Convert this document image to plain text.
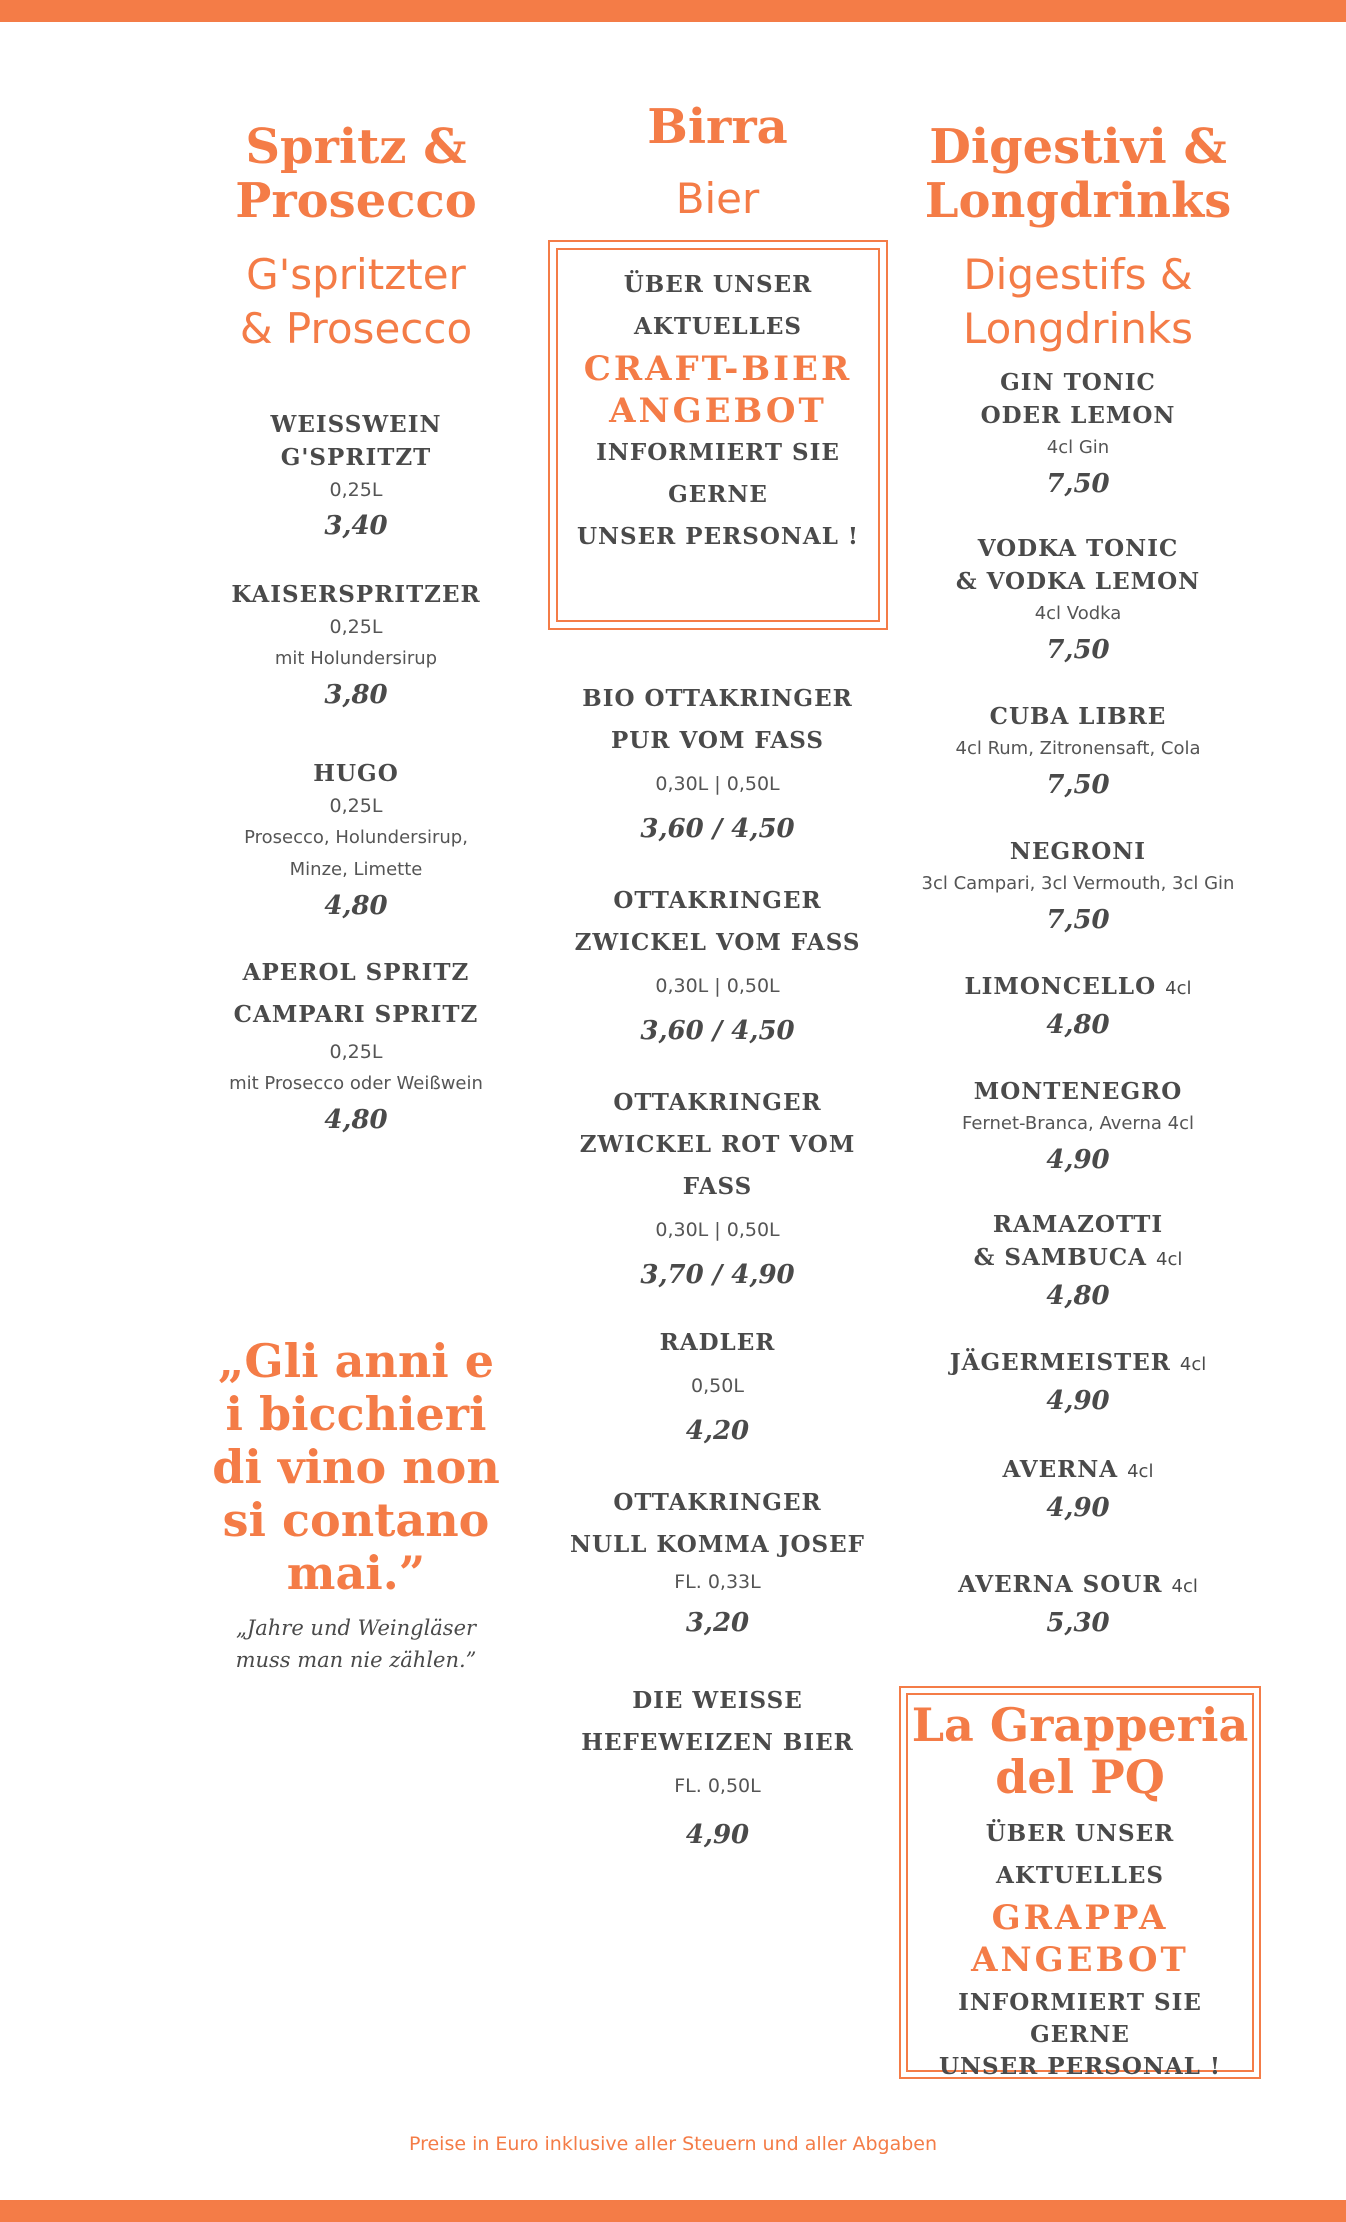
Spritz &
Prosecco
G'spritzter
& Prosecco
WEISSWEIN G'SPRITZT
0,25L
3,40
KAISERSPRITZER
0,25L
mit Holundersirup
3,80
HUGO
0,25L
Prosecco, Holundersirup,
Minze, Limette
4,80
APEROL SPRITZ
CAMPARI SPRITZ
0,25L
mit Prosecco oder Weißwein
4,80
„Gli anni e
i bicchieri
di vino non
si contano
mai.”
„Jahre und Weingläser
muss man nie zählen.”
Birra
Bier
ÜBER UNSER
AKTUELLES
CRAFT-BIER
ANGEBOT
INFORMIERT SIE
GERNE
UNSER PERSONAL !
BIO OTTAKRINGER
PUR VOM FASS
0,30L | 0,50L
3,60 / 4,50
OTTAKRINGER
ZWICKEL VOM FASS
0,30L | 0,50L
3,60 / 4,50
OTTAKRINGER
ZWICKEL ROT VOM FASS
0,30L | 0,50L
3,70 / 4,90
RADLER
0,50L
4,20
OTTAKRINGER
NULL KOMMA JOSEF
FL. 0,33L
3,20
DIE WEISSE
HEFEWEIZEN BIER
FL. 0,50L
4,90
Digestivi &
Longdrinks
Digestifs &
Longdrinks
GIN TONIC
ODER LEMON
4cl Gin
7,50
VODKA TONIC
& VODKA LEMON
4cl Vodka
7,50
CUBA LIBRE
4cl Rum, Zitronensaft, Cola
7,50
NEGRONI
3cl Campari, 3cl Vermouth, 3cl Gin
7,50
LIMONCELLO 4cl
4,80
MONTENEGRO
Fernet-Branca, Averna 4cl
4,90
RAMAZOTTI
& SAMBUCA 4cl
4,80
JÄGERMEISTER 4cl
4,90
AVERNA 4cl
4,90
AVERNA SOUR 4cl
5,30
La Grapperia
del PQ
ÜBER UNSER
AKTUELLES
GRAPPA
ANGEBOT
INFORMIERT SIE GERNE
UNSER PERSONAL !
Preise in Euro inklusive aller Steuern und aller Abgaben
